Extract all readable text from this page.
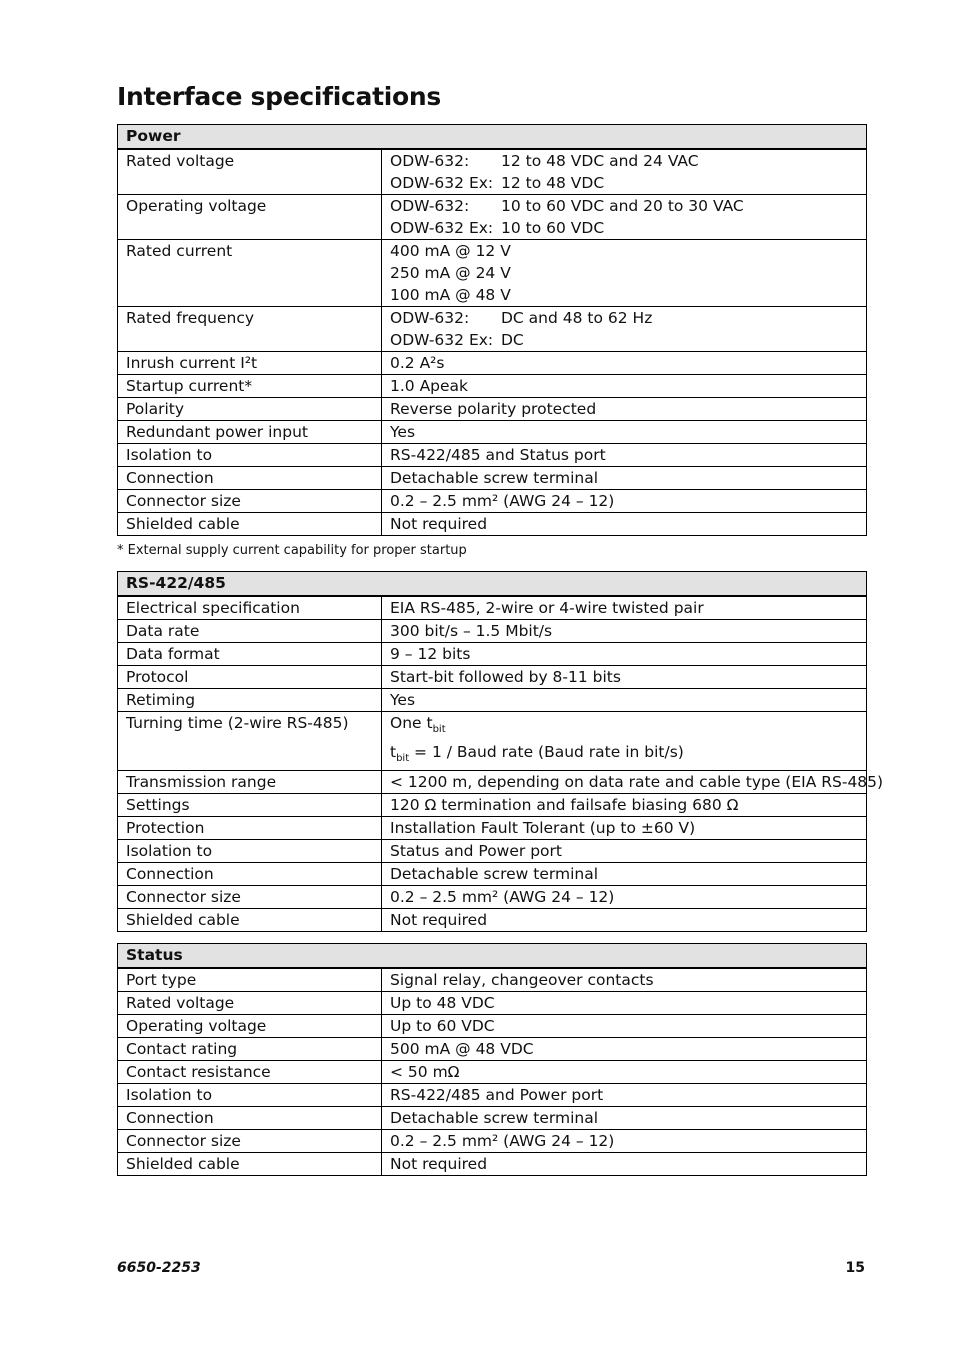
Interface specifications
Power	
Rated voltage	ODW-632: 12 to 48 VDC and 24 VAC
ODW-632 Ex: 12 to 48 VDC

Operating voltage	ODW-632: 10 to 60 VDC and 20 to 30 VAC
ODW-632 Ex: 10 to 60 VDC

Rated current	400 mA @ 12 V
250 mA @ 24 V
100 mA @ 48 V

Rated frequency	ODW-632: DC and 48 to 62 Hz
ODW-632 Ex: DC

Inrush current I²t	0.2 A²s

Startup current*	1.0 Apeak

Polarity	Reverse polarity protected

Redundant power input	Yes

Isolation to	RS-422/485 and Status port

Connection	Detachable screw terminal

Connector size	0.2 – 2.5 mm² (AWG 24 – 12)

Shielded cable	Not required
* External supply current capability for proper startup
RS-422/485	
Electrical specification	EIA RS-485, 2-wire or 4-wire twisted pair

Data rate	300 bit/s – 1.5 Mbit/s

Data format	9 – 12 bits

Protocol	Start-bit followed by 8-11 bits

Retiming	Yes

Turning time (2-wire RS-485)	One $t_{bit}$
$t_{bit} = 1$ / Baud rate (Baud rate in bit/s)

Transmission range	< 1200 m, depending on data rate and cable type (EIA RS-485)

Settings	120 Ω termination and failsafe biasing 680 Ω

Protection	Installation Fault Tolerant (up to ±60 V)

Isolation to	Status and Power port

Connection	Detachable screw terminal

Connector size	0.2 – 2.5 mm² (AWG 24 – 12)

Shielded cable	Not required
Status	
Port type	Signal relay, changeover contacts

Rated voltage	Up to 48 VDC

Operating voltage	Up to 60 VDC

Contact rating	500 mA @ 48 VDC

Contact resistance	< 50 mΩ

Isolation to	RS-422/485 and Power port

Connection	Detachable screw terminal

Connector size	0.2 – 2.5 mm² (AWG 24 – 12)

Shielded cable	Not required
6650-2253	15
